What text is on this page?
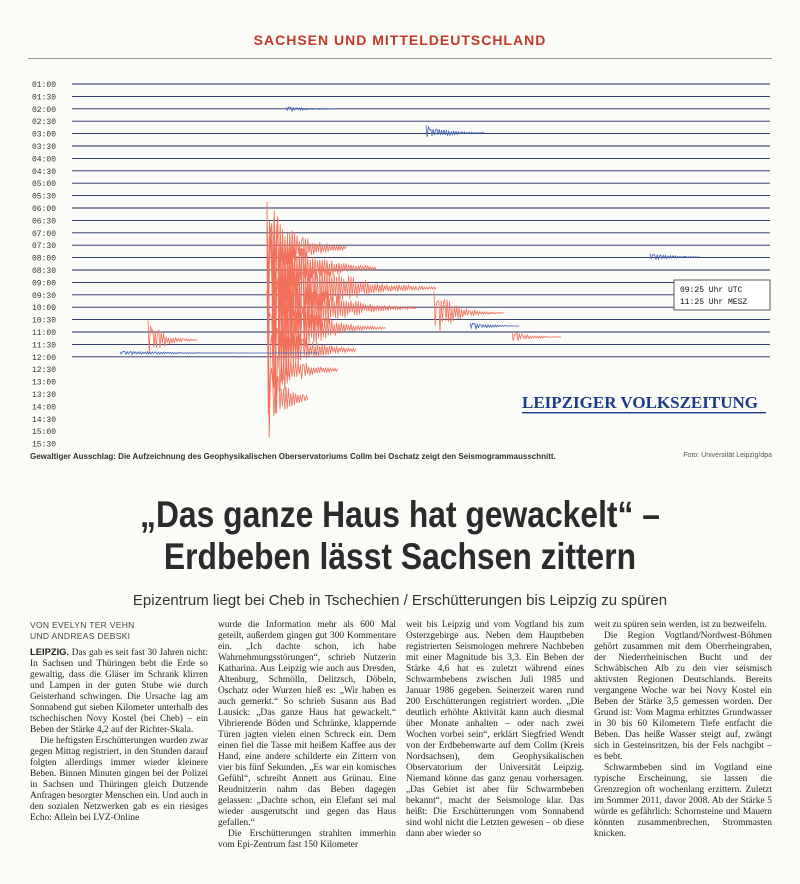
SACHSEN UND MITTELDEUTSCHLAND
01:00
01:30
02:00
02:30
03:00
03:30
04:00
04:30
05:00
05:30
06:00
06:30
07:00
07:30
08:00
08:30
09:00
09:30
10:00
10:30
11:00
11:30
12:00
12:30
13:00
13:30
14:00
14:30
15:00
15:30
09:25 Uhr UTC
11:25 Uhr MESZ
LEIPZIGER VOLKSZEITUNG
Gewaltiger Ausschlag: Die Aufzeichnung des Geophysikalischen Oberservatoriums Collm bei Oschatz zeigt den Seismogrammausschnitt.	Foto: Universität Leipzig/dpa
„Das ganze Haus hat gewackelt“ –
Erdbeben lässt Sachsen zittern
Epizentrum liegt bei Cheb in Tschechien / Erschütterungen bis Leipzig zu spüren
VON EVELYN TER VEHN
UND ANDREAS DEBSKI

LEIPZIG. Das gab es seit fast 30 Jahren nicht: In Sachsen und Thüringen bebt die Erde so gewaltig, dass die Gläser im Schrank klirren und Lampen in der guten Stube wie durch Geisterhand schwingen. Die Ursache lag am Sonnabend gut sieben Kilometer unterhalb des tschechischen Novy Kostel (bei Cheb) – ein Beben der Stärke 4,2 auf der Richter-Skala.

Die heftigsten Erschütterungen wurden zwar gegen Mittag registriert, in den Stunden darauf folgten allerdings immer wieder kleinere Beben. Binnen Minuten gingen bei der Polizei in Sachsen und Thüringen gleich Dutzende Anfragen besorgter Menschen ein. Und auch in den sozialen Netzwerken gab es ein riesiges Echo: Allein bei LVZ-Online

wurde die Information mehr als 600 Mal geteilt, außerdem gingen gut 300 Kommentare ein. „Ich dachte schon, ich habe Wahrnehmungsstörungen“, schrieb Nutzerin Katharina. Aus Leipzig wie auch aus Dresden, Altenburg, Schmölln, Delitzsch, Döbeln, Oschatz oder Wurzen hieß es: „Wir haben es auch gemerkt.“ So schrieb Susann aus Bad Lausick: „Das ganze Haus hat gewackelt.“ Vibrierende Böden und Schränke, klappernde Türen jagten vielen einen Schreck ein. Dem einen fiel die Tasse mit heißem Kaffee aus der Hand, eine andere schilderte ein Zittern von vier bis fünf Sekunden. „Es war ein komisches Gefühl“, schreibt Annett aus Grünau. Eine Reudnitzerin nahm das Beben dagegen gelassen: „Dachte schon, ein Elefant sei mal wieder ausgerutscht und gegen das Haus gefallen.“

Die Erschütterungen strahlten immerhin vom Epi-Zentrum fast 150 Kilometer

weit bis Leipzig und vom Vogtland bis zum Osterzgebirge aus. Neben dem Hauptbeben registrierten Seismologen mehrere Nachbeben mit einer Magnitude bis 3,3. Ein Beben der Stärke 4,6 hat es zuletzt während eines Schwarmbebens zwischen Juli 1985 und Januar 1986 gegeben. Seinerzeit waren rund 200 Erschütterungen registriert worden. „Die deutlich erhöhte Aktivität kann auch diesmal über Monate anhalten – oder nach zwei Wochen vorbei sein“, erklärt Siegfried Wendt von der Erdbebenwarte auf dem Collm (Kreis Nordsachsen), dem Geophysikalischen Observatorium der Universität Leipzig. Niemand könne das ganz genau vorhersagen. „Das Gebiet ist aber für Schwarmbeben bekannt“, macht der Seismologe klar. Das heißt: Die Erschütterungen vom Sonnabend sind wohl nicht die Letzten gewesen – ob diese dann aber wieder so

weit zu spüren sein werden, ist zu bezweifeln.

Die Region Vogtland/Nordwest-Böhmen gehört zusammen mit dem Oberrheingraben, der Niederrheinischen Bucht und der Schwäbischen Alb zu den vier seismisch aktivsten Regionen Deutschlands. Bereits vergangene Woche war bei Novy Kostel ein Beben der Stärke 3,5 gemessen worden. Der Grund ist: Vom Magma erhitztes Grundwasser in 30 bis 60 Kilometern Tiefe entfacht die Beben. Das heiße Wasser steigt auf, zwängt sich in Gesteinsritzen, bis der Fels nachgibt – es bebt.

Schwarmbeben sind im Vogtland eine typische Erscheinung, sie lassen die Grenzregion oft wochenlang erzittern. Zuletzt im Sommer 2011, davor 2008. Ab der Stärke 5 würde es gefährlich: Schornsteine und Mauern könnten zusammenbrechen, Strommasten knicken.
